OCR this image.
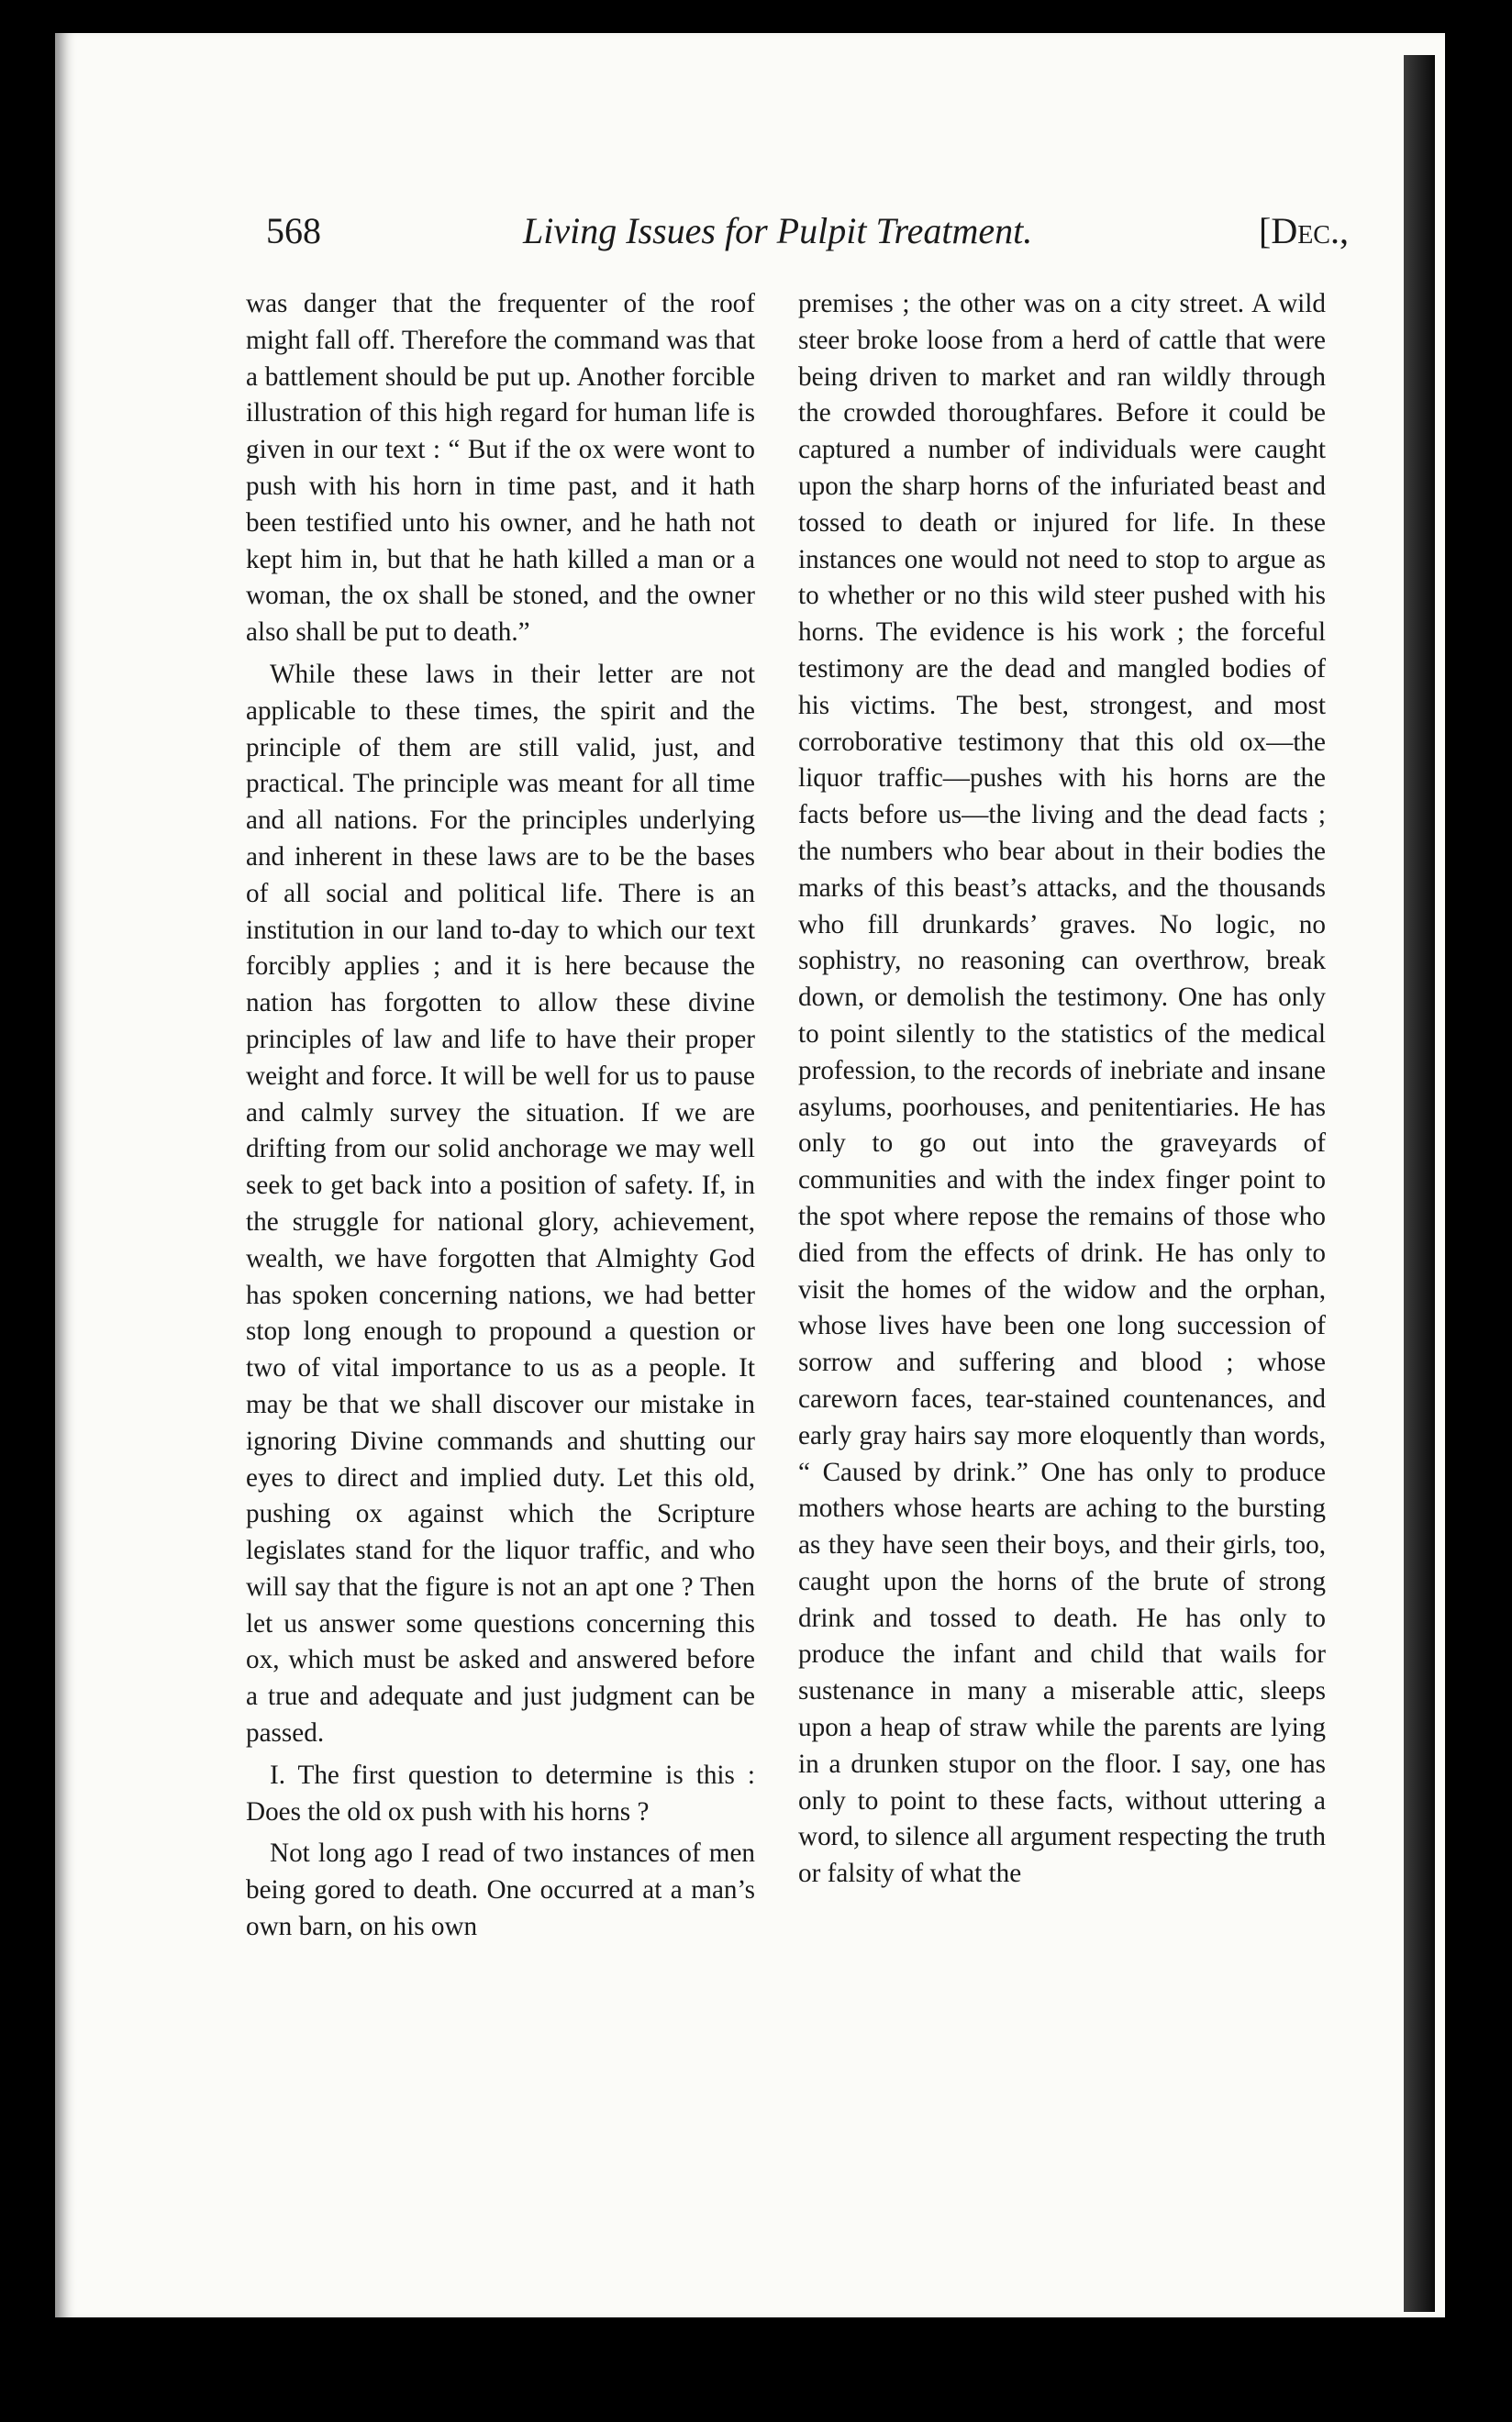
568	Living Issues for Pulpit Treatment.	[Dec.,

was danger that the frequenter of the roof might fall off. Therefore the command was that a battlement should be put up. Another forcible illustration of this high regard for human life is given in our text : “ But if the ox were wont to push with his horn in time past, and it hath been testified unto his owner, and he hath not kept him in, but that he hath killed a man or a woman, the ox shall be stoned, and the owner also shall be put to death.”

While these laws in their letter are not applicable to these times, the spirit and the principle of them are still valid, just, and practical. The principle was meant for all time and all nations. For the principles underlying and inherent in these laws are to be the bases of all social and political life. There is an institution in our land to-day to which our text forcibly applies ; and it is here because the nation has forgotten to allow these divine principles of law and life to have their proper weight and force. It will be well for us to pause and calmly survey the situation. If we are drifting from our solid anchorage we may well seek to get back into a position of safety. If, in the struggle for national glory, achievement, wealth, we have forgotten that Almighty God has spoken concerning nations, we had better stop long enough to propound a question or two of vital importance to us as a people. It may be that we shall discover our mistake in ignoring Divine commands and shutting our eyes to direct and implied duty. Let this old, pushing ox against which the Scripture legislates stand for the liquor traffic, and who will say that the figure is not an apt one ? Then let us answer some questions concerning this ox, which must be asked and answered before a true and adequate and just judgment can be passed.

I. The first question to determine is this : Does the old ox push with his horns ?

Not long ago I read of two instances of men being gored to death. One occurred at a man’s own barn, on his own

premises ; the other was on a city street. A wild steer broke loose from a herd of cattle that were being driven to market and ran wildly through the crowded thoroughfares. Before it could be captured a number of individuals were caught upon the sharp horns of the infuriated beast and tossed to death or injured for life. In these instances one would not need to stop to argue as to whether or no this wild steer pushed with his horns. The evidence is his work ; the forceful testimony are the dead and mangled bodies of his victims. The best, strongest, and most corroborative testimony that this old ox—the liquor traffic—pushes with his horns are the facts before us—the living and the dead facts ; the numbers who bear about in their bodies the marks of this beast’s attacks, and the thousands who fill drunkards’ graves. No logic, no sophistry, no reasoning can overthrow, break down, or demolish the testimony. One has only to point silently to the statistics of the medical profession, to the records of inebriate and insane asylums, poorhouses, and penitentiaries. He has only to go out into the graveyards of communities and with the index finger point to the spot where repose the remains of those who died from the effects of drink. He has only to visit the homes of the widow and the orphan, whose lives have been one long succession of sorrow and suffering and blood ; whose careworn faces, tear-stained countenances, and early gray hairs say more eloquently than words, “ Caused by drink.” One has only to produce mothers whose hearts are aching to the bursting as they have seen their boys, and their girls, too, caught upon the horns of the brute of strong drink and tossed to death. He has only to produce the infant and child that wails for sustenance in many a miserable attic, sleeps upon a heap of straw while the parents are lying in a drunken stupor on the floor. I say, one has only to point to these facts, without uttering a word, to silence all argument respecting the truth or falsity of what the
